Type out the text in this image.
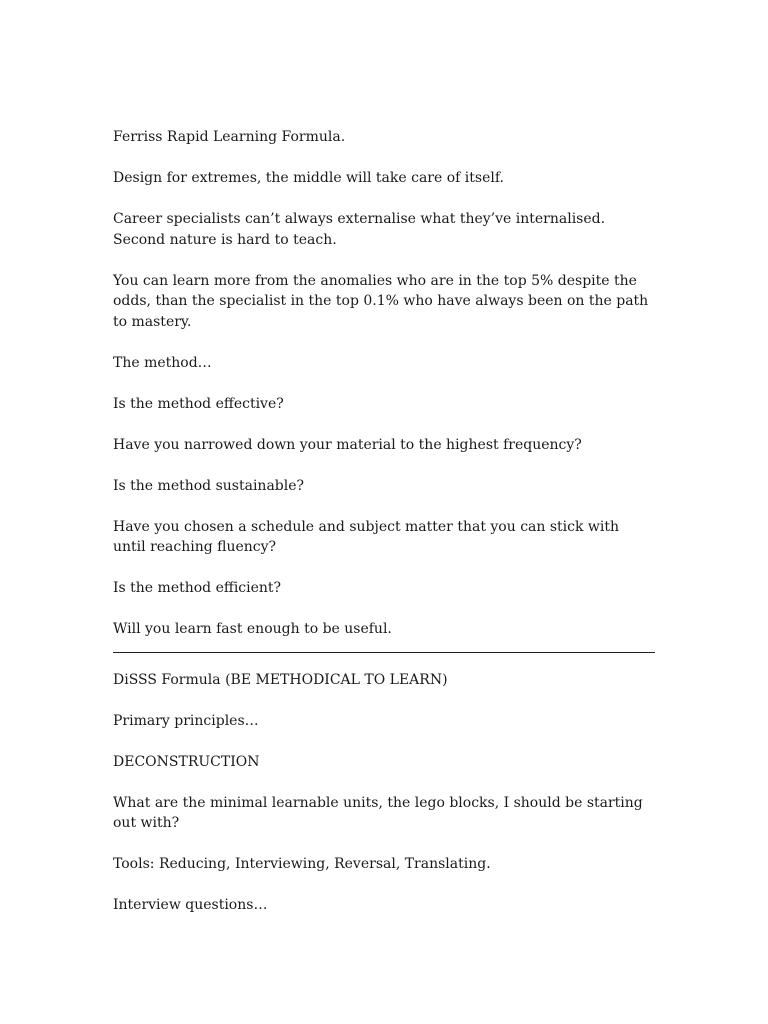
Ferriss Rapid Learning Formula.

Design for extremes, the middle will take care of itself.

Career specialists can’t always externalise what they’ve internalised. Second nature is hard to teach.

You can learn more from the anomalies who are in the top 5% despite the odds, than the specialist in the top 0.1% who have always been on the path to mastery.

The method…

Is the method effective?

Have you narrowed down your material to the highest frequency?

Is the method sustainable?

Have you chosen a schedule and subject matter that you can stick with until reaching fluency?

Is the method efficient?

Will you learn fast enough to be useful.

DiSSS Formula (BE METHODICAL TO LEARN)

Primary principles…

DECONSTRUCTION

What are the minimal learnable units, the lego blocks, I should be starting out with?

Tools: Reducing, Interviewing, Reversal, Translating.

Interview questions…
